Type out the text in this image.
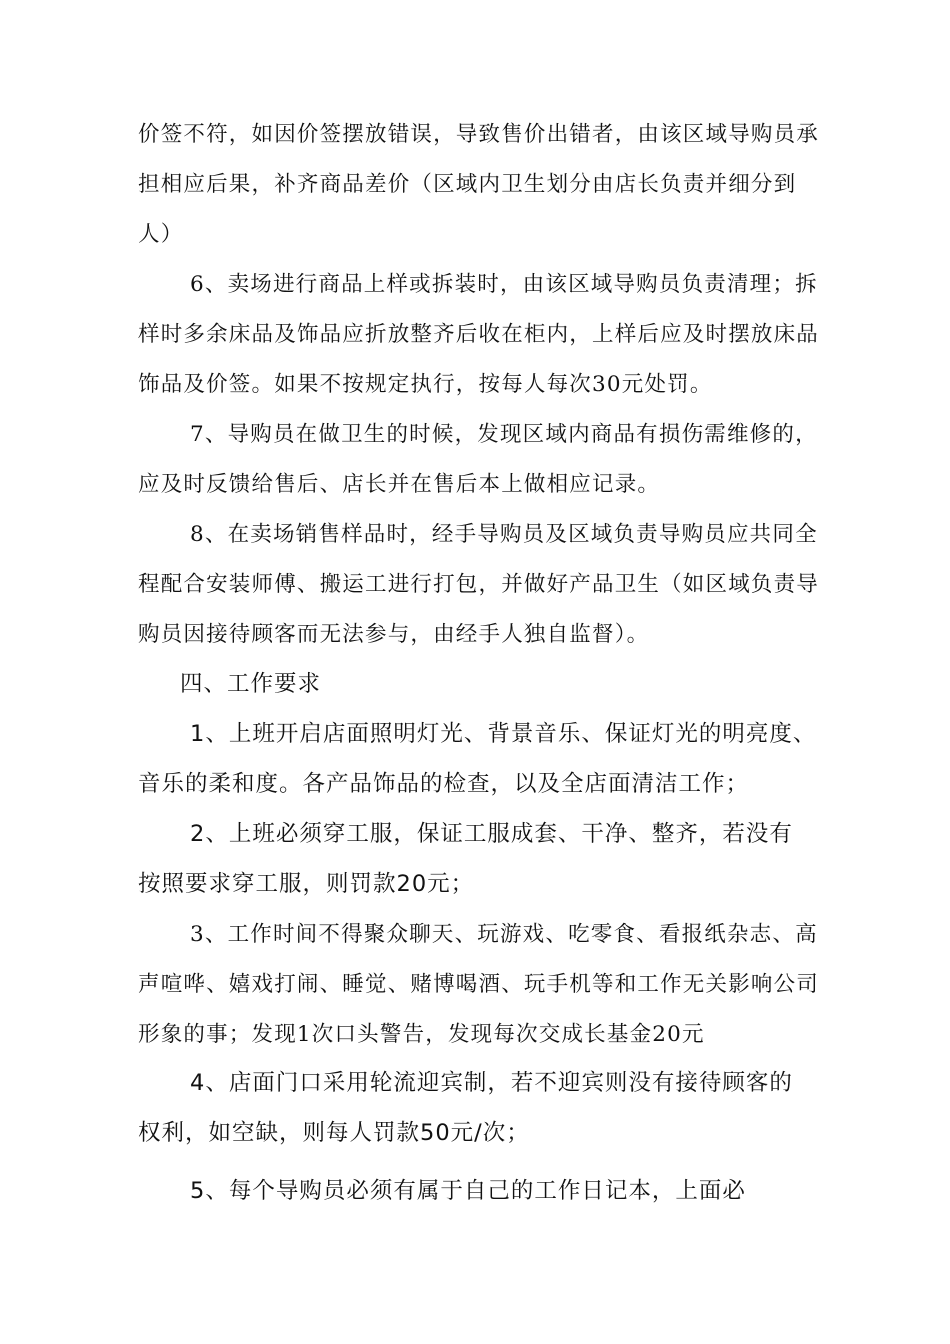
价签不符，如因价签摆放错误，导致售价出错者，由该区域导购员承
担相应后果，补齐商品差价（区域内卫生划分由店长负责并细分到
人）
6、卖场进行商品上样或拆装时，由该区域导购员负责清理；拆
样时多余床品及饰品应折放整齐后收在柜内，上样后应及时摆放床品
饰品及价签。如果不按规定执行，按每人每次30元处罚。
7、导购员在做卫生的时候，发现区域内商品有损伤需维修的，
应及时反馈给售后、店长并在售后本上做相应记录。
8、在卖场销售样品时，经手导购员及区域负责导购员应共同全
程配合安装师傅、搬运工进行打包，并做好产品卫生（如区域负责导
购员因接待顾客而无法参与，由经手人独自监督）。
四、工作要求
1、上班开启店面照明灯光、背景音乐、保证灯光的明亮度、
音乐的柔和度。各产品饰品的检查，以及全店面清洁工作；
2、上班必须穿工服，保证工服成套、干净、整齐，若没有
按照要求穿工服，则罚款20元；
3、工作时间不得聚众聊天、玩游戏、吃零食、看报纸杂志、高
声喧哗、嬉戏打闹、睡觉、赌博喝酒、玩手机等和工作无关影响公司
形象的事；发现1次口头警告，发现每次交成长基金20元
4、店面门口采用轮流迎宾制，若不迎宾则没有接待顾客的
权利，如空缺，则每人罚款50元/次；
5、每个导购员必须有属于自己的工作日记本，上面必
